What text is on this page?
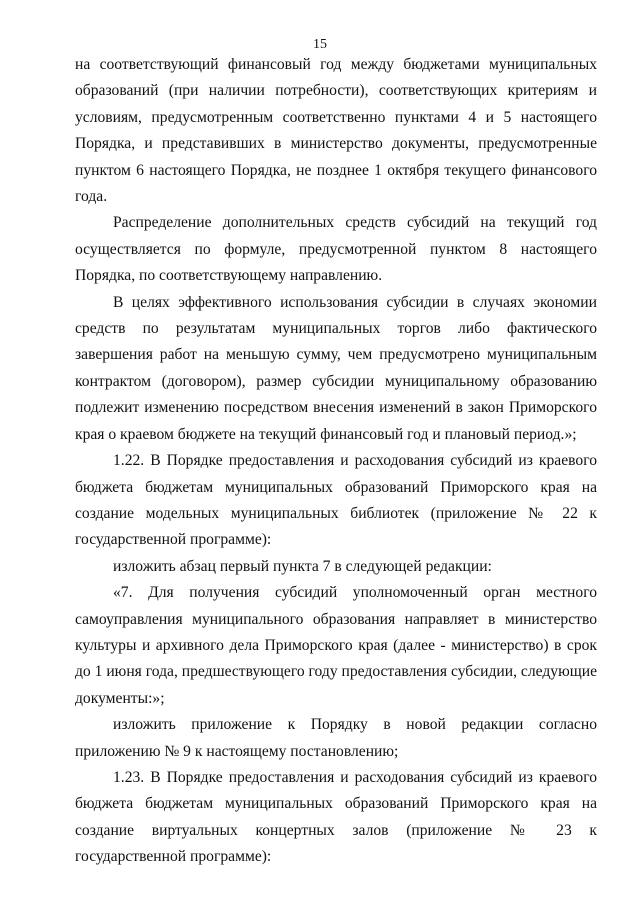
15

на соответствующий финансовый год между бюджетами муниципальных образований (при наличии потребности), соответствующих критериям и условиям, предусмотренным соответственно пунктами 4 и 5 настоящего Порядка, и представивших в министерство документы, предусмотренные пунктом 6 настоящего Порядка, не позднее 1 октября текущего финансового года.

Распределение дополнительных средств субсидий на текущий год осуществляется по формуле, предусмотренной пунктом 8 настоящего Порядка, по соответствующему направлению.

В целях эффективного использования субсидии в случаях экономии средств по результатам муниципальных торгов либо фактического завершения работ на меньшую сумму, чем предусмотрено муниципальным контрактом (договором), размер субсидии муниципальному образованию подлежит изменению посредством внесения изменений в закон Приморского края о краевом бюджете на текущий финансовый год и плановый период.»;

1.22. В Порядке предоставления и расходования субсидий из краевого бюджета бюджетам муниципальных образований Приморского края на создание модельных муниципальных библиотек (приложение № 22 к государственной программе):

изложить абзац первый пункта 7 в следующей редакции:

«7. Для получения субсидий уполномоченный орган местного самоуправления муниципального образования направляет в министерство культуры и архивного дела Приморского края (далее - министерство) в срок до 1 июня года, предшествующего году предоставления субсидии, следующие документы:»;

изложить приложение к Порядку в новой редакции согласно приложению № 9 к настоящему постановлению;

1.23. В Порядке предоставления и расходования субсидий из краевого бюджета бюджетам муниципальных образований Приморского края на создание виртуальных концертных залов (приложение № 23 к государственной программе):
